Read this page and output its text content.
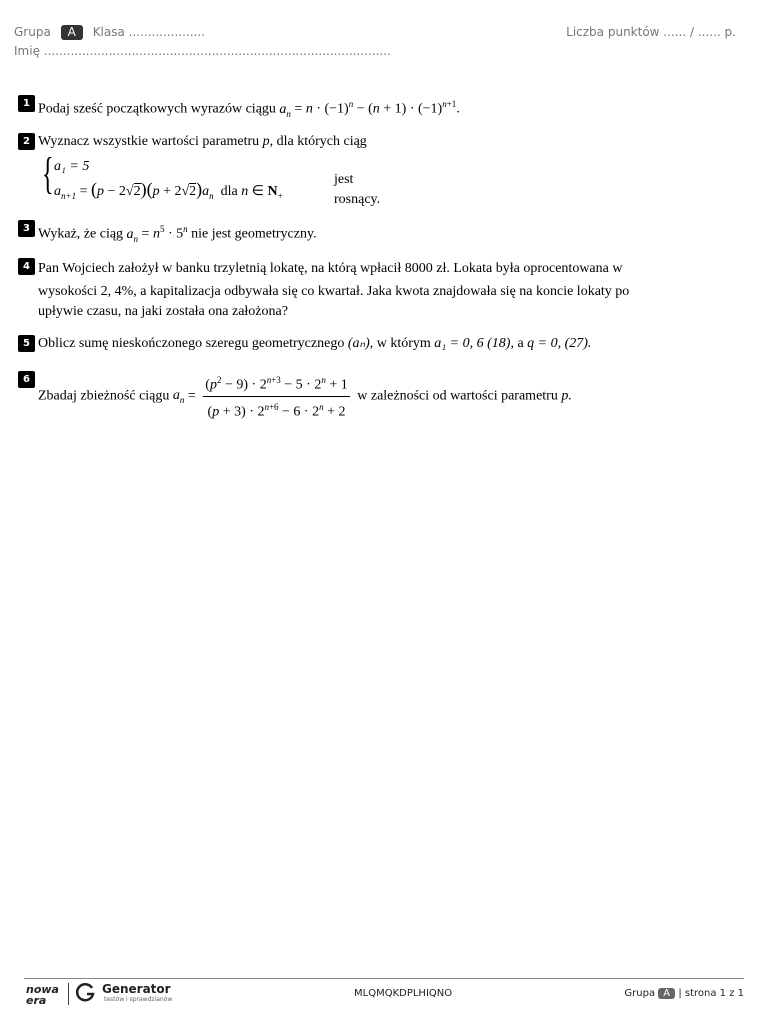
Grupa A Klasa ....................
Imię ...........................................................................................
Liczba punktów ...... / ...... p.
1 Podaj sześć początkowych wyrazów ciągu $a_n = n \cdot (-1)^n - (n + 1) \cdot (-1)^{n+1}$.
2 Wyznacz wszystkie wartości parametru p, dla których ciąg
{ a₁ = 5
$a_{n+1} = (p - 2√2)(p + 2√2)a_n$ dla n ∈ $N_+$
jest rosnący.
3 Wykaż, że ciąg $a_n = n^5 \cdot 5^n$ nie jest geometryczny.
4 Pan Wojciech założył w banku trzyletnią lokatę, na którą wpłacił 8000 zł. Lokata była oprocentowana w
wysokości 2, 4%, a kapitalizacja odbywała się co kwartał. Jaka kwota znajdowała się na koncie lokaty po
upływie czasu, na jaki została ona założona?
5 Oblicz sumę nieskończonego szeregu geometrycznego (aₙ), w którym a₁ = 0, 6 (18), a q = 0, (27).
6
Zbadaj zbieżność ciągu $a_n = \frac{(p^2 - 9) \cdot 2^{n+3} - 5 \cdot 2^n + 1}{(p + 3) \cdot 2^{n+6} - 6 \cdot 2^n + 2}$ w zależności od wartości parametru p.
nowa
era
Generator
testów i sprawdzianów
MLQMQKDPLHIQNO	Grupa A | strona 1 z 1
